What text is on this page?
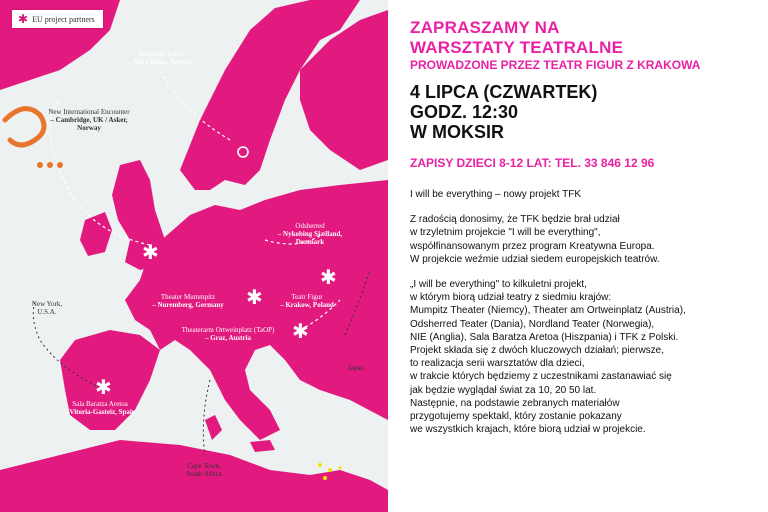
✱ EU project partners
Nordland Teater
– Mo I Rana, Norway
New International Encounter
– Cambridge, UK / Asker, Norway
Odsherred
– Nykobing Sjælland, Denmark
Theater Mummpitz
– Nuremberg, Germany
Teatr Figur
– Krakow, Poland
Theaterarm Ortweinplatz (TaOP)
– Graz, Austria
Sala Baratza Aretoa
– Vitoria-Gasteiz, Spain
New York,
U.S.A.
Japan
Cape Town,
South Africa
✱
✱
✱
✱
✱

ZAPRASZAMY NA

WARSZTATY TEATRALNE

PROWADZONE PRZEZ TEATR FIGUR Z KRAKOWA

4 LIPCA (CZWARTEK)

GODZ. 12:30

W MOKSIR

ZAPISY DZIECI 8-12 LAT: TEL. 33 846 12 96

I will be everything – nowy projekt TFK

Z radością donosimy, że TFK będzie brał udział
w trzyletnim projekcie "I will be everything",
współfinansowanym przez program Kreatywna Europa.
W projekcie weźmie udział siedem europejskich teatrów.

„I will be everything" to kilkuletni projekt,
w którym biorą udział teatry z siedmiu krajów:
Mumpitz Theater (Niemcy), Theater am Ortweinplatz (Austria),
Odsherred Teater (Dania), Nordland Teater (Norwegia),
NIE (Anglia), Sala Baratza Aretoa (Hiszpania) i TFK z Polski.
Projekt składa się z dwóch kluczowych działań; pierwsze,
to realizacja serii warsztatów dla dzieci,
w trakcie których będziemy z uczestnikami zastanawiać się
jak będzie wyglądał świat za 10, 20 50 lat.
Następnie, na podstawie zebranych materiałów
przygotujemy spektakl, który zostanie pokazany
we wszystkich krajach, które biorą udział w projekcie.
